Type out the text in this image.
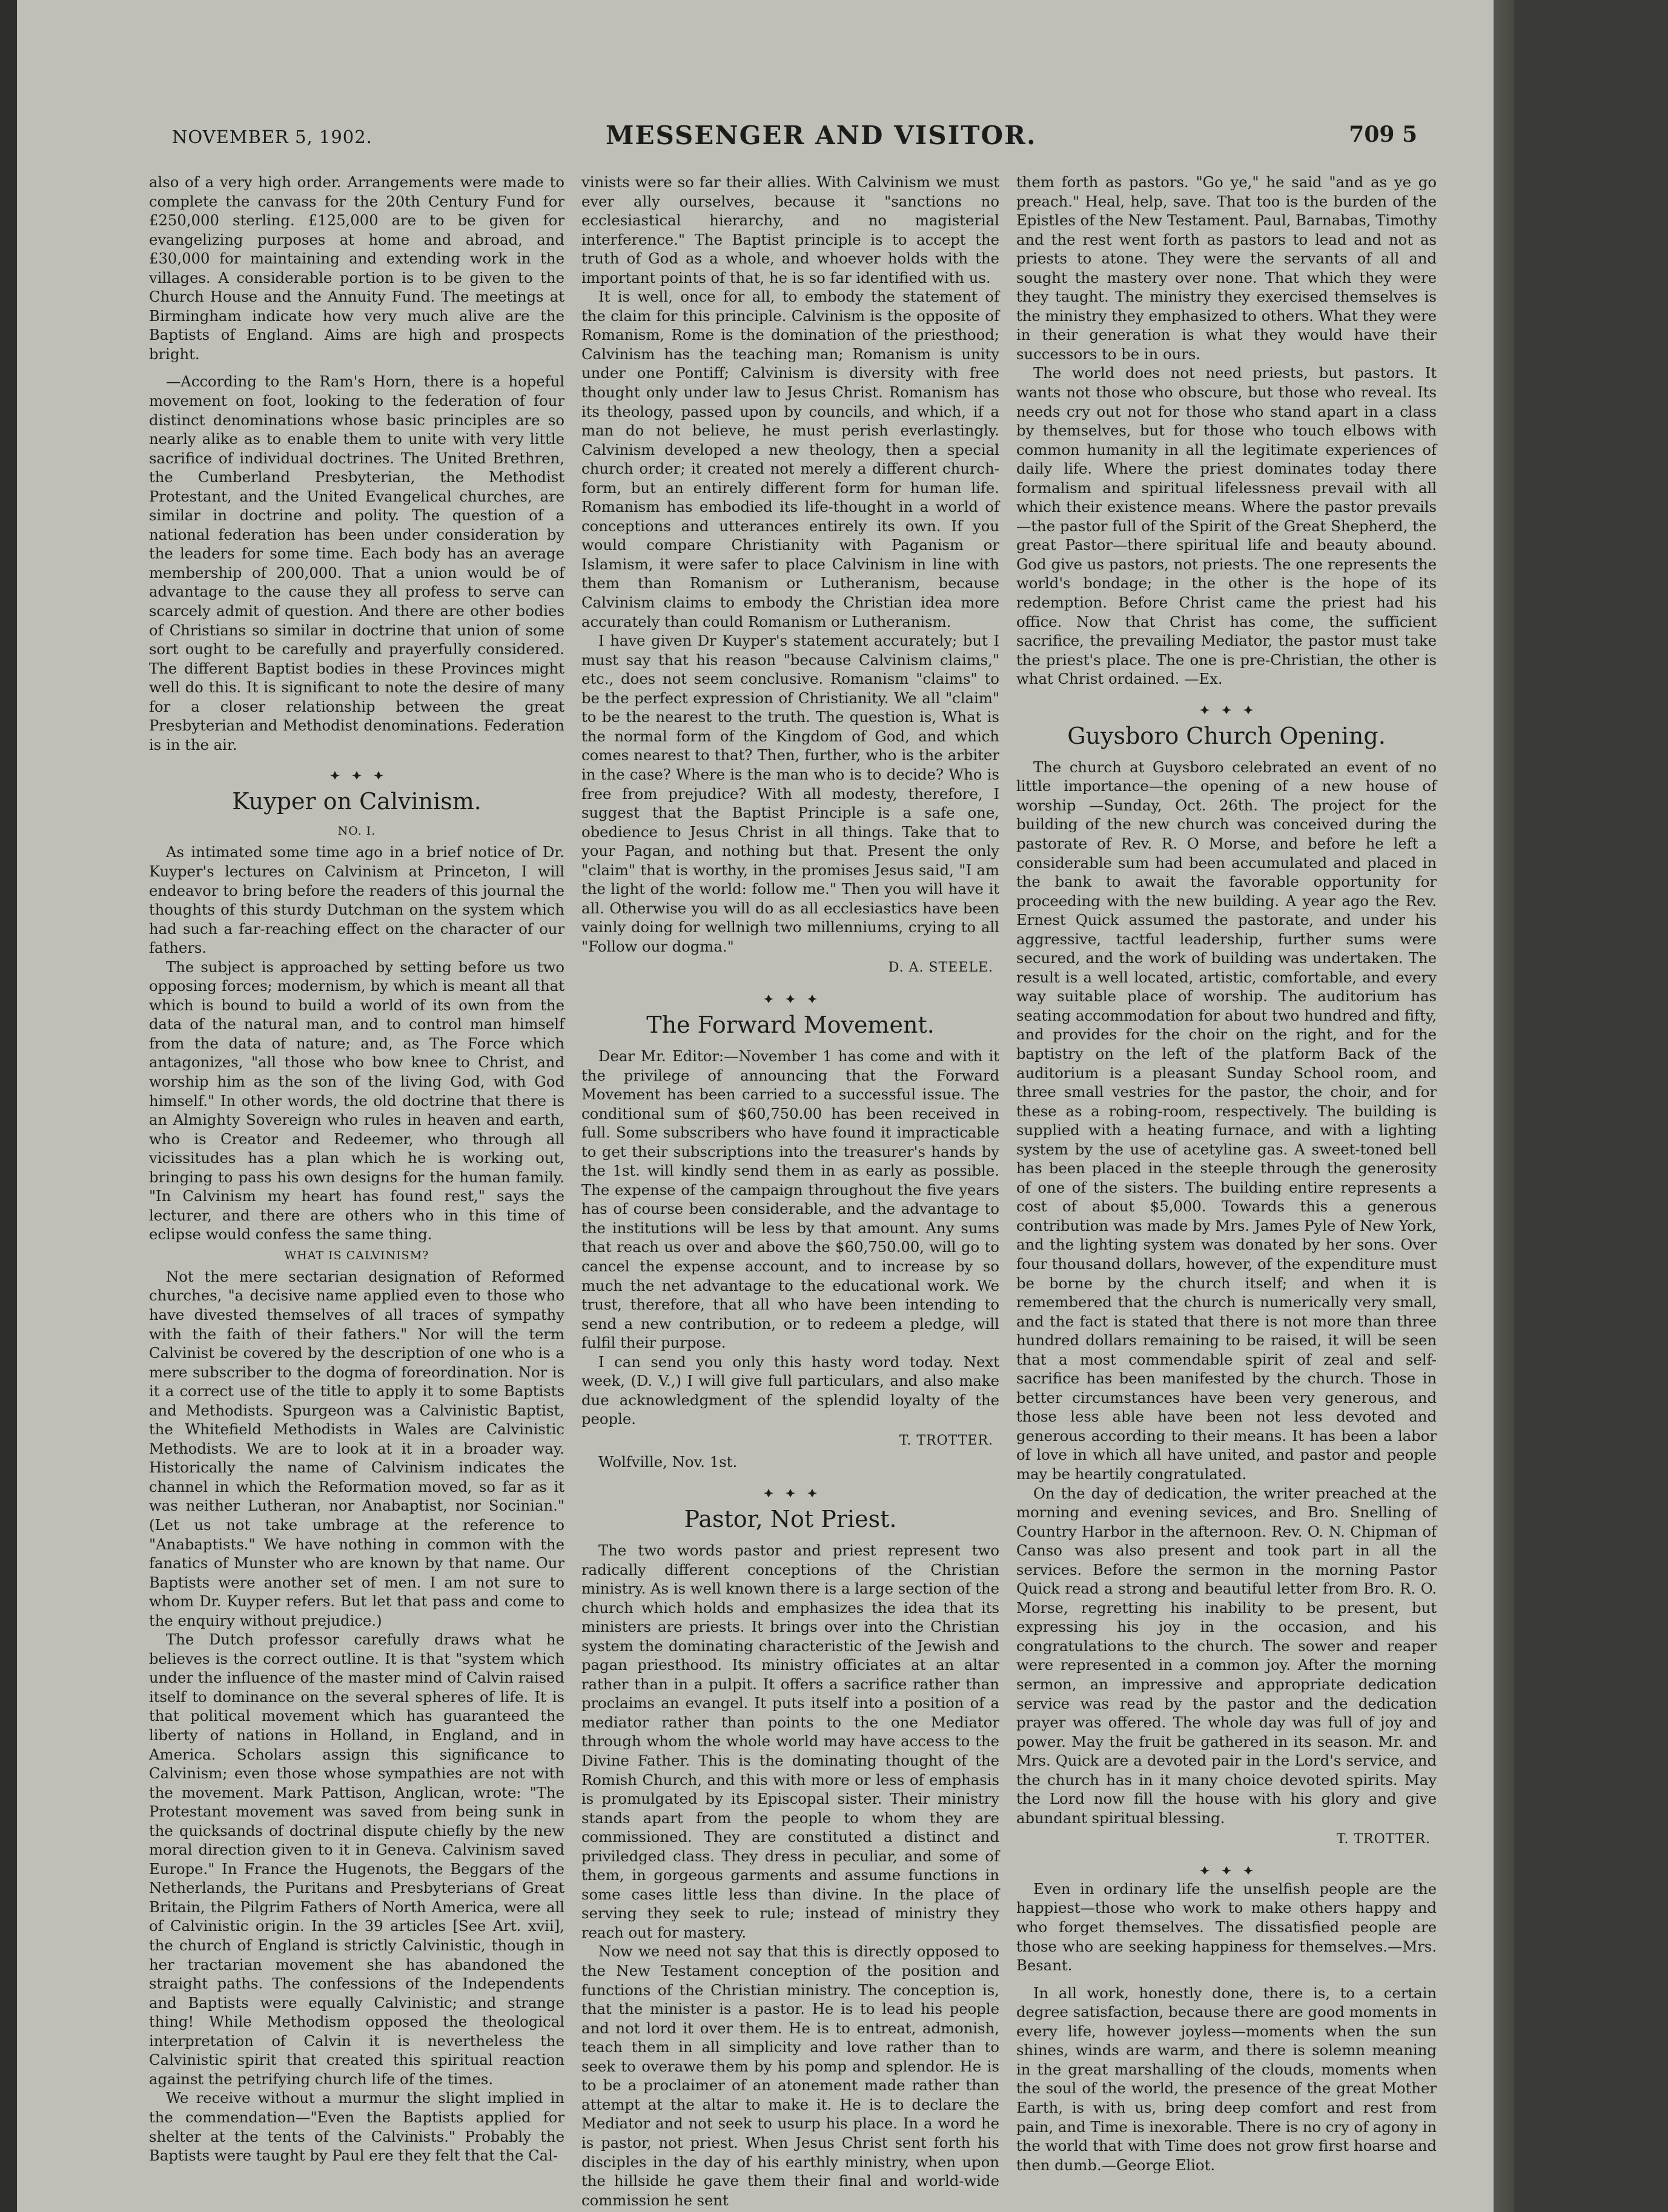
NOVEMBER 5, 1902.	MESSENGER AND VISITOR.	709 5

also of a very high order. Arrangements were made to complete the canvass for the 20th Century Fund for £250,000 sterling. £125,000 are to be given for evangelizing purposes at home and abroad, and £30,000 for maintaining and extending work in the villages. A considerable portion is to be given to the Church House and the Annuity Fund. The meetings at Birmingham indicate how very much alive are the Baptists of England. Aims are high and prospects bright.

—According to the Ram's Horn, there is a hopeful movement on foot, looking to the federation of four distinct denominations whose basic principles are so nearly alike as to enable them to unite with very little sacrifice of individual doctrines. The United Brethren, the Cumberland Presbyterian, the Methodist Protestant, and the United Evangelical churches, are similar in doctrine and polity. The question of a national federation has been under consideration by the leaders for some time. Each body has an average membership of 200,000. That a union would be of advantage to the cause they all profess to serve can scarcely admit of question. And there are other bodies of Christians so similar in doctrine that union of some sort ought to be carefully and prayerfully considered. The different Baptist bodies in these Provinces might well do this. It is significant to note the desire of many for a closer relationship between the great Presbyterian and Methodist denominations. Federation is in the air.

Kuyper on Calvinism.
NO. I.

As intimated some time ago in a brief notice of Dr. Kuyper's lectures on Calvinism at Princeton, I will endeavor to bring before the readers of this journal the thoughts of this sturdy Dutchman on the system which had such a far-reaching effect on the character of our fathers.

The subject is approached by setting before us two opposing forces; modernism, by which is meant all that which is bound to build a world of its own from the data of the natural man, and to control man himself from the data of nature; and, as The Force which antagonizes, "all those who bow knee to Christ, and worship him as the son of the living God, with God himself." In other words, the old doctrine that there is an Almighty Sovereign who rules in heaven and earth, who is Creator and Redeemer, who through all vicissitudes has a plan which he is working out, bringing to pass his own designs for the human family. "In Calvinism my heart has found rest," says the lecturer, and there are others who in this time of eclipse would confess the same thing.

WHAT IS CALVINISM?

Not the mere sectarian designation of Reformed churches, "a decisive name applied even to those who have divested themselves of all traces of sympathy with the faith of their fathers." Nor will the term Calvinist be covered by the description of one who is a mere subscriber to the dogma of foreordination. Nor is it a correct use of the title to apply it to some Baptists and Methodists. Spurgeon was a Calvinistic Baptist, the Whitefield Methodists in Wales are Calvinistic Methodists. We are to look at it in a broader way. Historically the name of Calvinism indicates the channel in which the Reformation moved, so far as it was neither Lutheran, nor Anabaptist, nor Socinian." (Let us not take umbrage at the reference to "Anabaptists." We have nothing in common with the fanatics of Munster who are known by that name. Our Baptists were another set of men. I am not sure to whom Dr. Kuyper refers. But let that pass and come to the enquiry without prejudice.)

The Dutch professor carefully draws what he believes is the correct outline. It is that "system which under the influence of the master mind of Calvin raised itself to dominance on the several spheres of life. It is that political movement which has guaranteed the liberty of nations in Holland, in England, and in America. Scholars assign this significance to Calvinism; even those whose sympathies are not with the movement. Mark Pattison, Anglican, wrote: "The Protestant movement was saved from being sunk in the quicksands of doctrinal dispute chiefly by the new moral direction given to it in Geneva. Calvinism saved Europe." In France the Hugenots, the Beggars of the Netherlands, the Puritans and Presbyterians of Great Britain, the Pilgrim Fathers of North America, were all of Calvinistic origin. In the 39 articles [See Art. xvii], the church of England is strictly Calvinistic, though in her tractarian movement she has abandoned the straight paths. The confessions of the Independents and Baptists were equally Calvinistic; and strange thing! While Methodism opposed the theological interpretation of Calvin it is nevertheless the Calvinistic spirit that created this spiritual reaction against the petrifying church life of the times.

We receive without a murmur the slight implied in the commendation—"Even the Baptists applied for shelter at the tents of the Calvinists." Probably the Baptists were taught by Paul ere they felt that the Cal-

vinists were so far their allies. With Calvinism we must ever ally ourselves, because it "sanctions no ecclesiastical hierarchy, and no magisterial interference." The Baptist principle is to accept the truth of God as a whole, and whoever holds with the important points of that, he is so far identified with us.

It is well, once for all, to embody the statement of the claim for this principle. Calvinism is the opposite of Romanism, Rome is the domination of the priesthood; Calvinism has the teaching man; Romanism is unity under one Pontiff; Calvinism is diversity with free thought only under law to Jesus Christ. Romanism has its theology, passed upon by councils, and which, if a man do not believe, he must perish everlastingly. Calvinism developed a new theology, then a special church order; it created not merely a different church-form, but an entirely different form for human life. Romanism has embodied its life-thought in a world of conceptions and utterances entirely its own. If you would compare Christianity with Paganism or Islamism, it were safer to place Calvinism in line with them than Romanism or Lutheranism, because Calvinism claims to embody the Christian idea more accurately than could Romanism or Lutheranism.

I have given Dr Kuyper's statement accurately; but I must say that his reason "because Calvinism claims," etc., does not seem conclusive. Romanism "claims" to be the perfect expression of Christianity. We all "claim" to be the nearest to the truth. The question is, What is the normal form of the Kingdom of God, and which comes nearest to that? Then, further, who is the arbiter in the case? Where is the man who is to decide? Who is free from prejudice? With all modesty, therefore, I suggest that the Baptist Principle is a safe one, obedience to Jesus Christ in all things. Take that to your Pagan, and nothing but that. Present the only "claim" that is worthy, in the promises Jesus said, "I am the light of the world: follow me." Then you will have it all. Otherwise you will do as all ecclesiastics have been vainly doing for wellnigh two millenniums, crying to all "Follow our dogma."

D. A. STEELE.
The Forward Movement.

Dear Mr. Editor:—November 1 has come and with it the privilege of announcing that the Forward Movement has been carried to a successful issue. The conditional sum of $60,750.00 has been received in full. Some subscribers who have found it impracticable to get their subscriptions into the treasurer's hands by the 1st. will kindly send them in as early as possible. The expense of the campaign throughout the five years has of course been considerable, and the advantage to the institutions will be less by that amount. Any sums that reach us over and above the $60,750.00, will go to cancel the expense account, and to increase by so much the net advantage to the educational work. We trust, therefore, that all who have been intending to send a new contribution, or to redeem a pledge, will fulfil their purpose.

I can send you only this hasty word today. Next week, (D. V.,) I will give full particulars, and also make due acknowledgment of the splendid loyalty of the people.

T. TROTTER.

Wolfville, Nov. 1st.

Pastor, Not Priest.

The two words pastor and priest represent two radically different conceptions of the Christian ministry. As is well known there is a large section of the church which holds and emphasizes the idea that its ministers are priests. It brings over into the Christian system the dominating characteristic of the Jewish and pagan priesthood. Its ministry officiates at an altar rather than in a pulpit. It offers a sacrifice rather than proclaims an evangel. It puts itself into a position of a mediator rather than points to the one Mediator through whom the whole world may have access to the Divine Father. This is the dominating thought of the Romish Church, and this with more or less of emphasis is promulgated by its Episcopal sister. Their ministry stands apart from the people to whom they are commissioned. They are constituted a distinct and priviledged class. They dress in peculiar, and some of them, in gorgeous garments and assume functions in some cases little less than divine. In the place of serving they seek to rule; instead of ministry they reach out for mastery.

Now we need not say that this is directly opposed to the New Testament conception of the position and functions of the Christian ministry. The conception is, that the minister is a pastor. He is to lead his people and not lord it over them. He is to entreat, admonish, teach them in all simplicity and love rather than to seek to overawe them by his pomp and splendor. He is to be a proclaimer of an atonement made rather than attempt at the altar to make it. He is to declare the Mediator and not seek to usurp his place. In a word he is pastor, not priest. When Jesus Christ sent forth his disciples in the day of his earthly ministry, when upon the hillside he gave them their final and world-wide commission he sent

them forth as pastors. "Go ye," he said "and as ye go preach." Heal, help, save. That too is the burden of the Epistles of the New Testament. Paul, Barnabas, Timothy and the rest went forth as pastors to lead and not as priests to atone. They were the servants of all and sought the mastery over none. That which they were they taught. The ministry they exercised themselves is the ministry they emphasized to others. What they were in their generation is what they would have their successors to be in ours.

The world does not need priests, but pastors. It wants not those who obscure, but those who reveal. Its needs cry out not for those who stand apart in a class by themselves, but for those who touch elbows with common humanity in all the legitimate experiences of daily life. Where the priest dominates today there formalism and spiritual lifelessness prevail with all which their existence means. Where the pastor prevails—the pastor full of the Spirit of the Great Shepherd, the great Pastor—there spiritual life and beauty abound. God give us pastors, not priests. The one represents the world's bondage; in the other is the hope of its redemption. Before Christ came the priest had his office. Now that Christ has come, the sufficient sacrifice, the prevailing Mediator, the pastor must take the priest's place. The one is pre-Christian, the other is what Christ ordained. —Ex.

Guysboro Church Opening.

The church at Guysboro celebrated an event of no little importance—the opening of a new house of worship —Sunday, Oct. 26th. The project for the building of the new church was conceived during the pastorate of Rev. R. O Morse, and before he left a considerable sum had been accumulated and placed in the bank to await the favorable opportunity for proceeding with the new building. A year ago the Rev. Ernest Quick assumed the pastorate, and under his aggressive, tactful leadership, further sums were secured, and the work of building was undertaken. The result is a well located, artistic, comfortable, and every way suitable place of worship. The auditorium has seating accommodation for about two hundred and fifty, and provides for the choir on the right, and for the baptistry on the left of the platform Back of the auditorium is a pleasant Sunday School room, and three small vestries for the pastor, the choir, and for these as a robing-room, respectively. The building is supplied with a heating furnace, and with a lighting system by the use of acetyline gas. A sweet-toned bell has been placed in the steeple through the generosity of one of the sisters. The building entire represents a cost of about $5,000. Towards this a generous contribution was made by Mrs. James Pyle of New York, and the lighting system was donated by her sons. Over four thousand dollars, however, of the expenditure must be borne by the church itself; and when it is remembered that the church is numerically very small, and the fact is stated that there is not more than three hundred dollars remaining to be raised, it will be seen that a most commendable spirit of zeal and self-sacrifice has been manifested by the church. Those in better circumstances have been very generous, and those less able have been not less devoted and generous according to their means. It has been a labor of love in which all have united, and pastor and people may be heartily congratulated.

On the day of dedication, the writer preached at the morning and evening sevices, and Bro. Snelling of Country Harbor in the afternoon. Rev. O. N. Chipman of Canso was also present and took part in all the services. Before the sermon in the morning Pastor Quick read a strong and beautiful letter from Bro. R. O. Morse, regretting his inability to be present, but expressing his joy in the occasion, and his congratulations to the church. The sower and reaper were represented in a common joy. After the morning sermon, an impressive and appropriate dedication service was read by the pastor and the dedication prayer was offered. The whole day was full of joy and power. May the fruit be gathered in its season. Mr. and Mrs. Quick are a devoted pair in the Lord's service, and the church has in it many choice devoted spirits. May the Lord now fill the house with his glory and give abundant spiritual blessing.

T. TROTTER.

Even in ordinary life the unselfish people are the happiest—those who work to make others happy and who forget themselves. The dissatisfied people are those who are seeking happiness for themselves.—Mrs. Besant.

In all work, honestly done, there is, to a certain degree satisfaction, because there are good moments in every life, however joyless—moments when the sun shines, winds are warm, and there is solemn meaning in the great marshalling of the clouds, moments when the soul of the world, the presence of the great Mother Earth, is with us, bring deep comfort and rest from pain, and Time is inexorable. There is no cry of agony in the world that with Time does not grow first hoarse and then dumb.—George Eliot.
